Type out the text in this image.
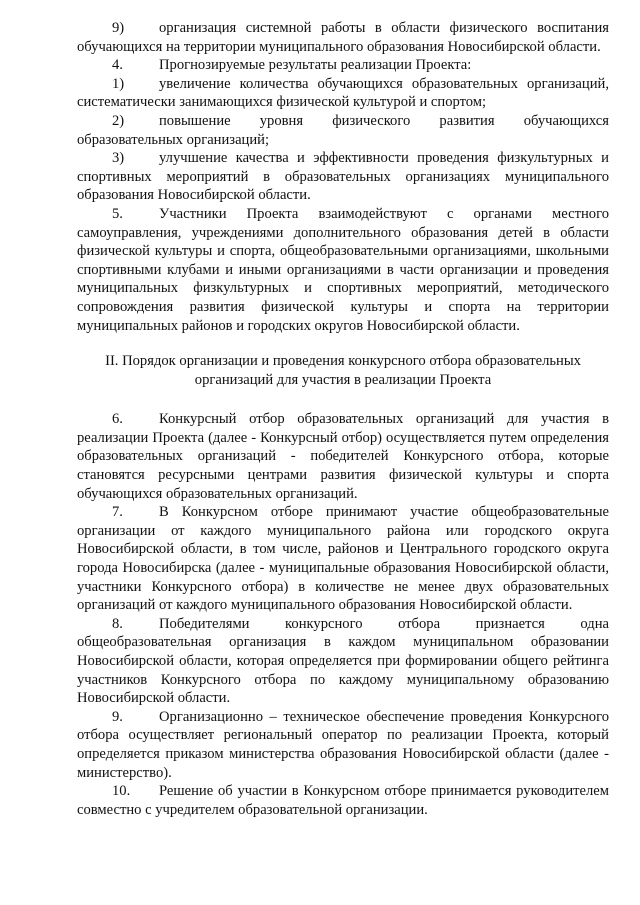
9) организация системной работы в области физического воспитания обучающихся на территории муниципального образования Новосибирской области.

4. Прогнозируемые результаты реализации Проекта:

1) увеличение количества обучающихся образовательных организаций, систематически занимающихся физической культурой и спортом;

2) повышение уровня физического развития обучающихся образовательных организаций;

3) улучшение качества и эффективности проведения физкультурных и спортивных мероприятий в образовательных организациях муниципального образования Новосибирской области.

5. Участники Проекта взаимодействуют с органами местного самоуправления, учреждениями дополнительного образования детей в области физической культуры и спорта, общеобразовательными организациями, школьными спортивными клубами и иными организациями в части организации и проведения муниципальных физкультурных и спортивных мероприятий, методического сопровождения развития физической культуры и спорта на территории муниципальных районов и городских округов Новосибирской области.

II. Порядок организации и проведения конкурсного отбора образовательных
организаций для участия в реализации Проекта

6. Конкурсный отбор образовательных организаций для участия в реализации Проекта (далее - Конкурсный отбор) осуществляется путем определения образовательных организаций - победителей Конкурсного отбора, которые становятся ресурсными центрами развития физической культуры и спорта обучающихся образовательных организаций.

7. В Конкурсном отборе принимают участие общеобразовательные организации от каждого муниципального района или городского округа Новосибирской области, в том числе, районов и Центрального городского округа города Новосибирска (далее - муниципальные образования Новосибирской области, участники Конкурсного отбора) в количестве не менее двух образовательных организаций от каждого муниципального образования Новосибирской области.

8. Победителями конкурсного отбора признается одна общеобразовательная организация в каждом муниципальном образовании Новосибирской области, которая определяется при формировании общего рейтинга участников Конкурсного отбора по каждому муниципальному образованию Новосибирской области.

9. Организационно – техническое обеспечение проведения Конкурсного отбора осуществляет региональный оператор по реализации Проекта, который определяется приказом министерства образования Новосибирской области (далее - министерство).

10. Решение об участии в Конкурсном отборе принимается руководителем совместно с учредителем образовательной организации.
